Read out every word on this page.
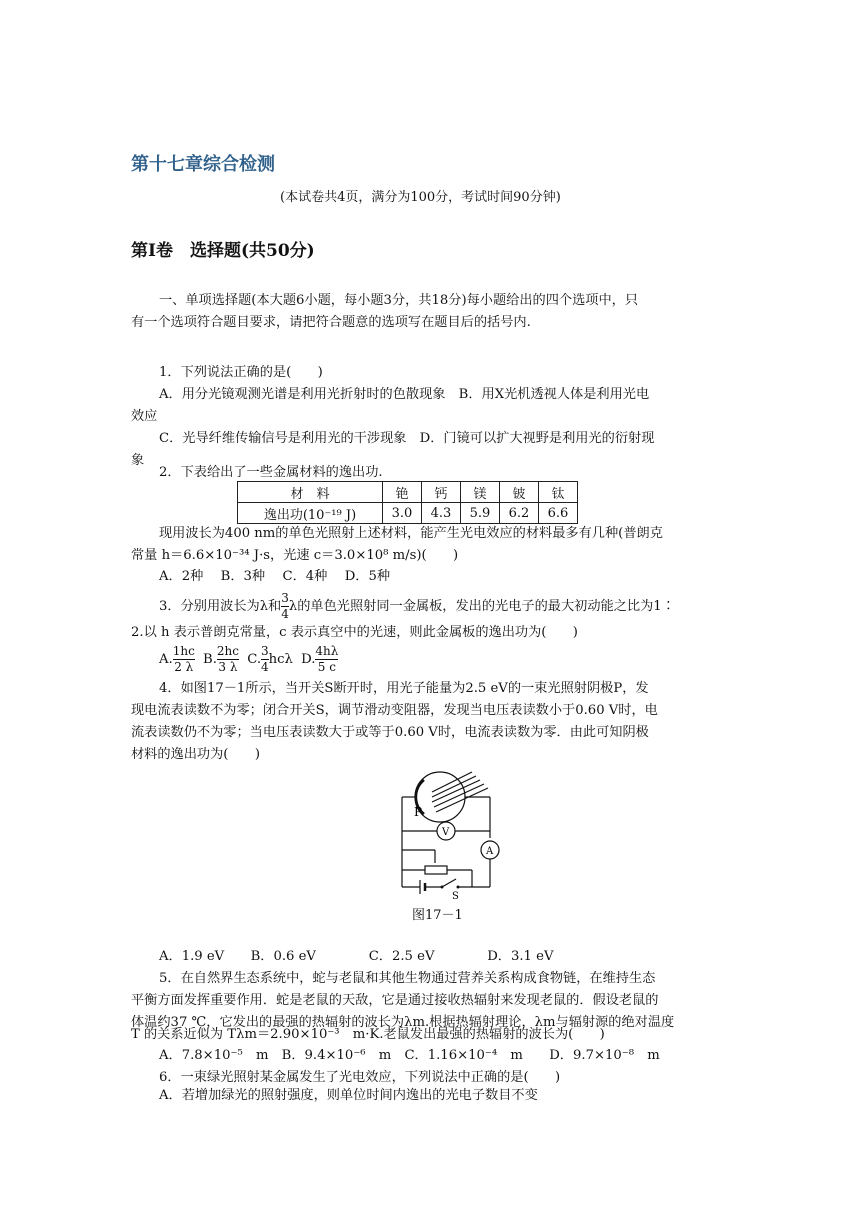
第十七章综合检测
(本试卷共4页，满分为100分，考试时间90分钟)
第Ⅰ卷　选择题(共50分)
一、单项选择题(本大题6小题，每小题3分，共18分)每小题给出的四个选项中，只
有一个选项符合题目要求，请把符合题意的选项写在题目后的括号内.
1．下列说法正确的是(　　)
A．用分光镜观测光谱是利用光折射时的色散现象　B．用X光机透视人体是利用光电
效应
C．光导纤维传输信号是利用光的干涉现象　D．门镜可以扩大视野是利用光的衍射现
象
2．下表给出了一些金属材料的逸出功.
材　料	铯	钙	镁	铍	钛
逸出功(10⁻¹⁹ J)	3.0	4.3	5.9	6.2	6.6
现用波长为400 nm的单色光照射上述材料，能产生光电效应的材料最多有几种(普朗克
常量 h＝6.6×10⁻³⁴ J·s，光速 c＝3.0×10⁸ m/s)(　　)
A．2种　 B．3种　 C．4种　 D．5种
3．分别用波长为λ和 $\frac{3}{4}$ λ的单色光照射同一金属板，发出的光电子的最大初动能之比为1∶
2.以 h 表示普朗克常量，c 表示真空中的光速，则此金属板的逸出功为(　　)
A. $\frac{1hc}{2 \lambda} B$. $\frac{2hc}{3 \lambda} C$. $\frac{3}{4}$ hcλ D. $\frac{4h\lambda}{5 c}$
4．如图17－1所示，当开关S断开时，用光子能量为2.5 eV的一束光照射阴极P，发
现电流表读数不为零；闭合开关S，调节滑动变阻器，发现当电压表读数小于0.60 V时，电
流表读数仍不为零；当电压表读数大于或等于0.60 V时，电流表读数为零．由此可知阴极
材料的逸出功为(　　)
P
V
A
S
图17－1
A．1.9 eV　　B．0.6 eV　　　　C．2.5 eV　　　　D．3.1 eV
5．在自然界生态系统中，蛇与老鼠和其他生物通过营养关系构成食物链，在维持生态
平衡方面发挥重要作用．蛇是老鼠的天敌，它是通过接收热辐射来发现老鼠的．假设老鼠的
体温约37 ℃，它发出的最强的热辐射的波长为λm.根据热辐射理论，λm与辐射源的绝对温度
T 的关系近似为 Tλm＝2.90×10⁻³　m·K.老鼠发出最强的热辐射的波长为(　　)
A．7.8×10⁻⁵　m　B．9.4×10⁻⁶　m　C．1.16×10⁻⁴　m　　D．9.7×10⁻⁸　m
6．一束绿光照射某金属发生了光电效应，下列说法中正确的是(　　)
A．若增加绿光的照射强度，则单位时间内逸出的光电子数目不变
